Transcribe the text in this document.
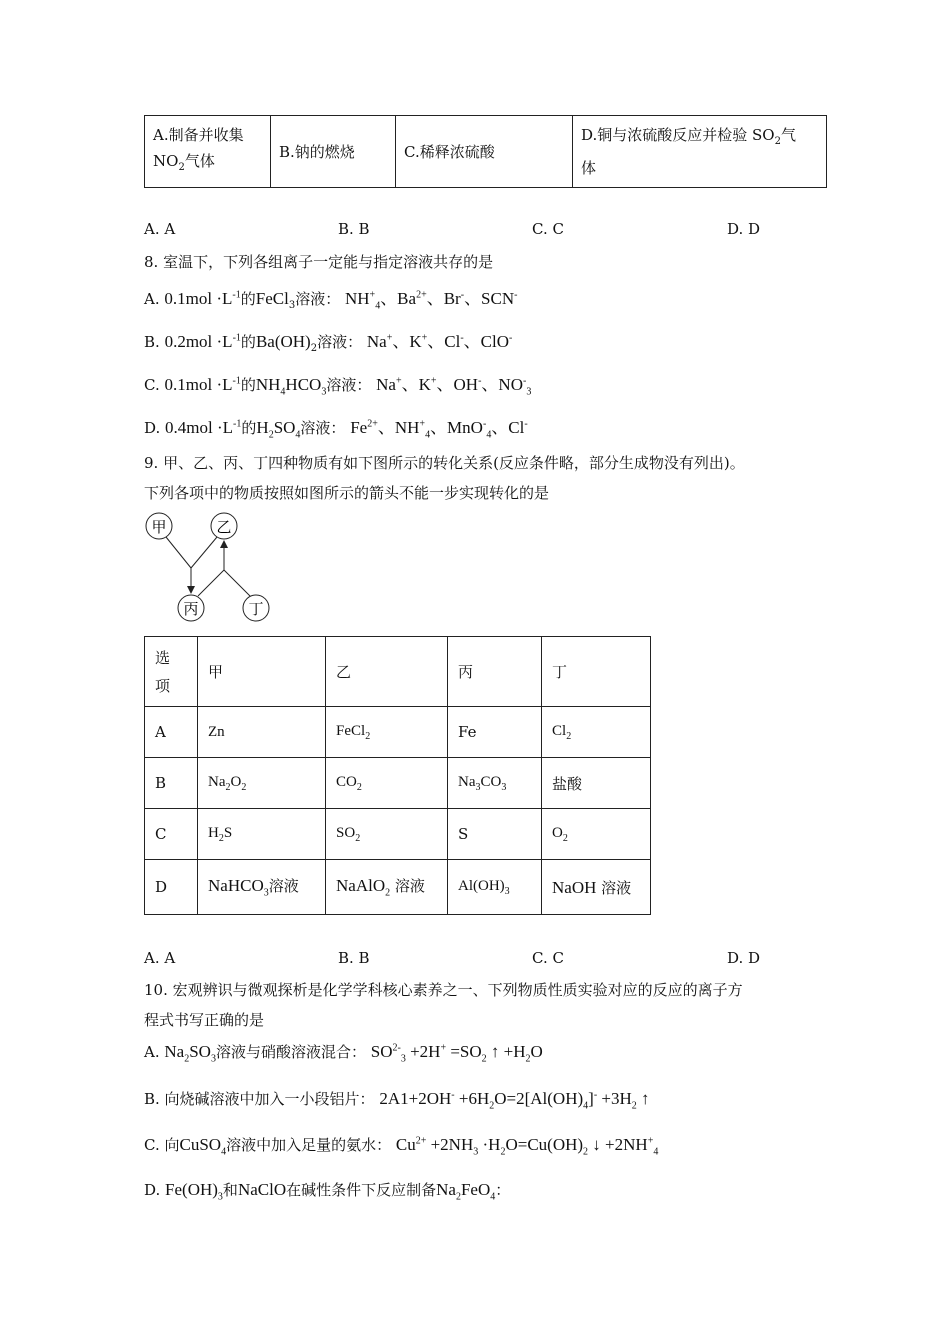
A.制备并收集
$NO_2$气体	B.钠的燃烧	C.稀释浓硫酸	D.铜与浓硫酸反应并检验 $SO_2$气
体
A. A	B. B	C. C	D. D
8. 室温下，下列各组离子一定能与指定溶液共存的是
A. $0.1mol \cdot L^{-1}$的FeCl$_3$溶液： $NH^+_4$、$Ba^{2+}$、Br-、SCN-
B. $0.2mol \cdot L^{-1}$的$Ba(OH)_2$溶液： Na+、K+、Cl-、ClO-
C. $0.1mol \cdot L^{-1}$的$NH_4HCO_3$溶液： Na+、K+、OH-、$NO^-_3$
D. $0.4mol \cdot L^{-1}$的$H_2SO_4$溶液： $Fe^{2+}$、$NH^+_4$、MnO-$_4$、Cl-
9. 甲、乙、丙、丁四种物质有如下图所示的转化关系(反应条件略，部分生成物没有列出)。
下列各项中的物质按照如图所示的箭头不能一步实现转化的是
甲	乙
丙	丁
选
项	甲	乙	丙	丁
A	Zn	FeCl$_2$	Fe	$Cl_2$
B	$Na_2O_2$	$CO_2$	$Na_3CO_3$	盐酸
C	$H_2S$	$SO_2$	S	$O_2$
D	NaHCO$_3$溶液	NaAlO$_2$ 溶液	$Al(OH)_3$	NaOH 溶液
A. A	B. B	C. C	D. D
10. 宏观辨识与微观探析是化学学科核心素养之一、下列物质性质实验对应的反应的离子方
程式书写正确的是
A. $Na_2SO_3$溶液与硝酸溶液混合： $SO^{2-}_3 +2H^+ =SO_2$ ↑ $+H_2O$
B. 向烧碱溶液中加入一小段铝片： $2A1+2OH^- +6H_2O=2[Al(OH)_4]^- +3H_2$ ↑
C. 向CuSO$_4$溶液中加入足量的氨水： $Cu^{2+} +2NH_3 \cdot H_2O=Cu(OH)_2$ ↓ $+2NH^+_4$
D. $Fe(OH)_3$和NaClO在碱性条件下反应制备$Na_2FeO_4$：
